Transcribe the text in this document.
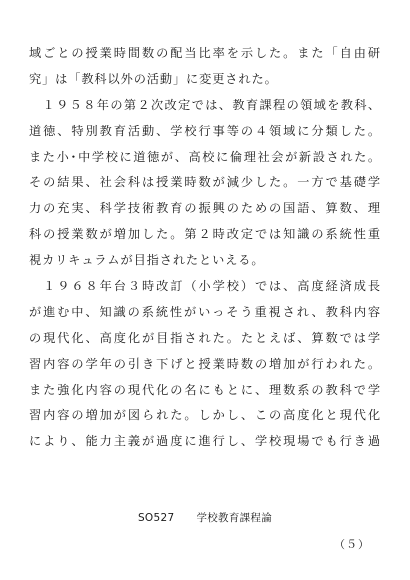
域ごとの授業時間数の配当比率を示した。また「自由研
究」は「教科以外の活動」に変更された。
　１９５８年の第２次改定では、教育課程の領域を教科、
道徳、特別教育活動、学校行事等の４領域に分類した。
また小･中学校に道徳が、高校に倫理社会が新設された。
その結果、社会科は授業時数が減少した。一方で基礎学
力の充実、科学技術教育の振興のための国語、算数、理
科の授業数が増加した。第２時改定では知識の系統性重
視カリキュラムが目指されたといえる。
　１９６８年台３時改訂（小学校）では、高度経済成長
が進む中、知識の系統性がいっそう重視され、教科内容
の現代化、高度化が目指された。たとえば、算数では学
習内容の学年の引き下げと授業時数の増加が行われた。
また強化内容の現代化の名にもとに、理数系の教科で学
習内容の増加が図られた。しかし、この高度化と現代化
により、能力主義が過度に進行し、学校現場でも行き過
SO527 学校教育課程論
（５）
